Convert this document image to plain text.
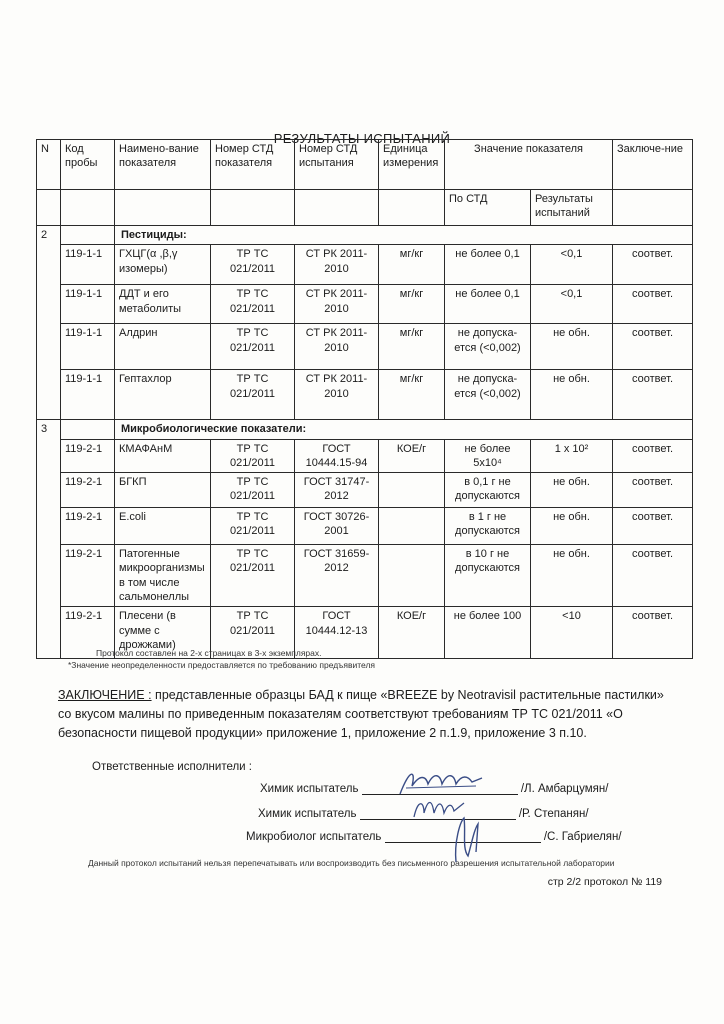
РЕЗУЛЬТАТЫ ИСПЫТАНИЙ
N	Код пробы	Наимено-вание показателя	Номер СТД показателя	Номер СТД испытания	Единица измерения	Значение показателя		Заключе-ние
						По СТД	Результаты испытаний	
2		Пестициды:						
	119-1-1	ГХЦГ(α ,β,γ изомеры)	ТР ТС 021/2011	СТ РК 2011-2010	мг/кг	не более 0,1	<0,1	соответ.
	119-1-1	ДДТ и его метаболиты	ТР ТС 021/2011	СТ РК 2011-2010	мг/кг	не более 0,1	<0,1	соответ.
	119-1-1	Алдрин	ТР ТС 021/2011	СТ РК 2011-2010	мг/кг	не допуска-ется (<0,002)	не обн.	соответ.
	119-1-1	Гептахлор	ТР ТС 021/2011	СТ РК 2011-2010	мг/кг	не допуска-ется (<0,002)	не обн.	соответ.
3		Микробиологические показатели:						
	119-2-1	КМАФАнМ	ТР ТС 021/2011	ГОСТ 10444.15-94	КОЕ/г	не более 5х10⁴	1 х 10²	соответ.
	119-2-1	БГКП	ТР ТС 021/2011	ГОСТ 31747-2012		в 0,1 г не допускаются	не обн.	соответ.
	119-2-1	E.coli	ТР ТС 021/2011	ГОСТ 30726-2001		в 1 г не допускаются	не обн.	соответ.
	119-2-1	Патогенные микроорганизмы в том числе сальмонеллы	ТР ТС 021/2011	ГОСТ 31659-2012		в 10 г не допускаются	не обн.	соответ.
	119-2-1	Плесени (в сумме с дрожжами)	ТР ТС 021/2011	ГОСТ 10444.12-13	КОЕ/г	не более 100	<10	соответ.
Протокол составлен на 2-х страницах в 3-х экземплярах.
*Значение неопределенности предоставляется по требованию предъявителя
ЗАКЛЮЧЕНИЕ : представленные образцы БАД к пище «BREEZE by Neotravisil растительные пастилки» со вкусом малины по приведенным показателям соответствуют требованиям ТР ТС 021/2011 «О безопасности пищевой продукции» приложение 1, приложение 2 п.1.9, приложение 3 п.10.
Ответственные исполнители :
Химик испытатель	/Л. Амбарцумян/
Химик испытатель	/Р. Степанян/
Микробиолог испытатель	/С. Габриелян/
Данный протокол испытаний нельзя перепечатывать или воспроизводить без письменного разрешения испытательной лаборатории
стр 2/2 протокол № 119
